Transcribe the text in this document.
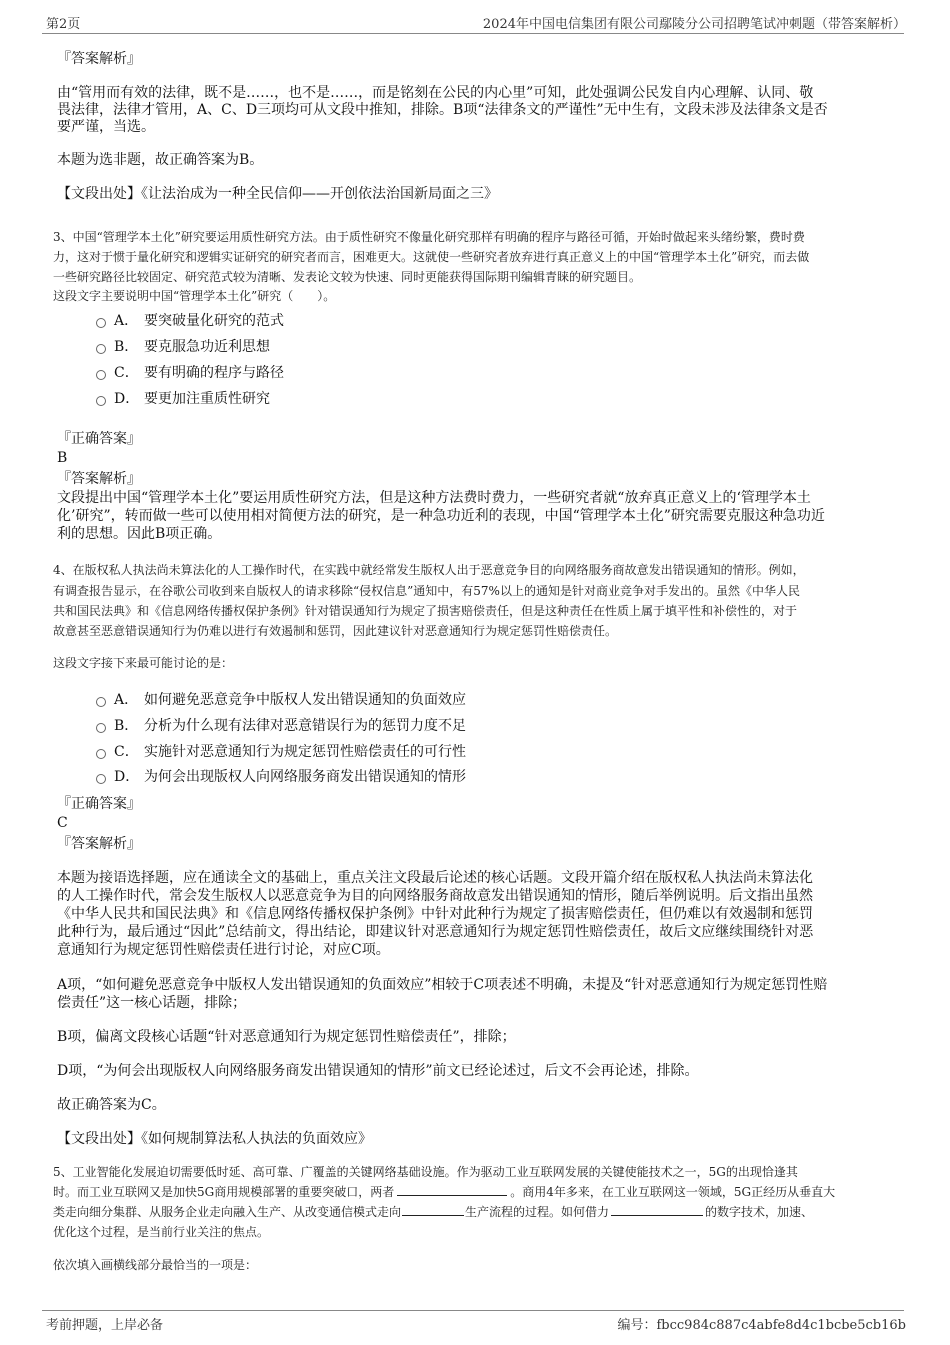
第2页	2024年中国电信集团有限公司鄢陵分公司招聘笔试冲刺题（带答案解析）
『答案解析』
由“管用而有效的法律，既不是……，也不是……，而是铭刻在公民的内心里”可知，此处强调公民发自内心理解、认同、敬
畏法律，法律才管用，A、C、D三项均可从文段中推知，排除。B项“法律条文的严谨性”无中生有，文段未涉及法律条文是否
要严谨，当选。
本题为选非题，故正确答案为B。
【文段出处】《让法治成为一种全民信仰——开创依法治国新局面之三》
3、中国“管理学本土化”研究要运用质性研究方法。由于质性研究不像量化研究那样有明确的程序与路径可循，开始时做起来头绪纷繁，费时费
力，这对于惯于量化研究和逻辑实证研究的研究者而言，困难更大。这就使一些研究者放弃进行真正意义上的中国“管理学本土化”研究，而去做
一些研究路径比较固定、研究范式较为清晰、发表论文较为快速、同时更能获得国际期刊编辑青睐的研究题目。
这段文字主要说明中国“管理学本土化”研究（　　）。
A． 要突破量化研究的范式
B． 要克服急功近利思想
C． 要有明确的程序与路径
D． 要更加注重质性研究
『正确答案』
B
『答案解析』
文段提出中国“管理学本土化”要运用质性研究方法，但是这种方法费时费力，一些研究者就“放弃真正意义上的‘管理学本土
化’研究”，转而做一些可以使用相对简便方法的研究，是一种急功近利的表现，中国“管理学本土化”研究需要克服这种急功近
利的思想。因此B项正确。
4、在版权私人执法尚未算法化的人工操作时代，在实践中就经常发生版权人出于恶意竞争目的向网络服务商故意发出错误通知的情形。例如，
有调查报告显示，在谷歌公司收到来自版权人的请求移除“侵权信息”通知中，有57%以上的通知是针对商业竞争对手发出的。虽然《中华人民
共和国民法典》和《信息网络传播权保护条例》针对错误通知行为规定了损害赔偿责任，但是这种责任在性质上属于填平性和补偿性的，对于
故意甚至恶意错误通知行为仍难以进行有效遏制和惩罚，因此建议针对恶意通知行为规定惩罚性赔偿责任。
这段文字接下来最可能讨论的是：
A． 如何避免恶意竞争中版权人发出错误通知的负面效应
B． 分析为什么现有法律对恶意错误行为的惩罚力度不足
C． 实施针对恶意通知行为规定惩罚性赔偿责任的可行性
D． 为何会出现版权人向网络服务商发出错误通知的情形
『正确答案』
C
『答案解析』
本题为接语选择题，应在通读全文的基础上，重点关注文段最后论述的核心话题。文段开篇介绍在版权私人执法尚未算法化
的人工操作时代，常会发生版权人以恶意竞争为目的向网络服务商故意发出错误通知的情形，随后举例说明。后文指出虽然
《中华人民共和国民法典》和《信息网络传播权保护条例》中针对此种行为规定了损害赔偿责任，但仍难以有效遏制和惩罚
此种行为，最后通过“因此”总结前文，得出结论，即建议针对恶意通知行为规定惩罚性赔偿责任，故后文应继续围绕针对恶
意通知行为规定惩罚性赔偿责任进行讨论，对应C项。
A项，“如何避免恶意竞争中版权人发出错误通知的负面效应”相较于C项表述不明确，未提及“针对恶意通知行为规定惩罚性赔
偿责任”这一核心话题，排除；
B项，偏离文段核心话题“针对恶意通知行为规定惩罚性赔偿责任”，排除；
D项，“为何会出现版权人向网络服务商发出错误通知的情形”前文已经论述过，后文不会再论述，排除。
故正确答案为C。
【文段出处】《如何规制算法私人执法的负面效应》
5、工业智能化发展迫切需要低时延、高可靠、广覆盖的关键网络基础设施。作为驱动工业互联网发展的关键使能技术之一，5G的出现恰逢其
时。而工业互联网又是加快5G商用规模部署的重要突破口，两者	。商用4年多来，在工业互联网这一领域，5G正经历从垂直大
类走向细分集群、从服务企业走向融入生产、从改变通信模式走向	生产流程的过程。如何借力	的数字技术，加速、
优化这个过程，是当前行业关注的焦点。
依次填入画横线部分最恰当的一项是：
考前押题，上岸必备	编号：fbcc984c887c4abfe8d4c1bcbe5cb16b
